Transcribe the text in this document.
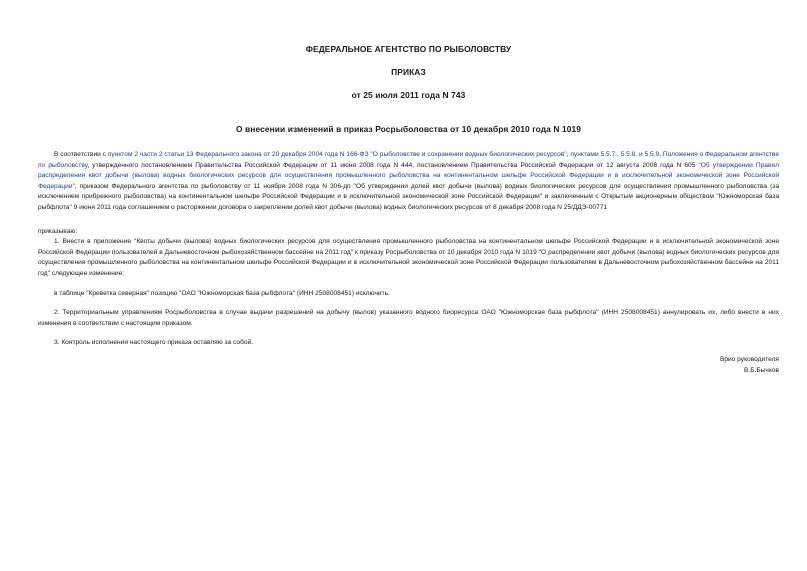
ФЕДЕРАЛЬНОЕ АГЕНТСТВО ПО РЫБОЛОВСТВУ
ПРИКАЗ
от 25 июля 2011 года N 743
О внесении изменений в приказ Росрыболовства от 10 декабря 2010 года N 1019
В соответствии с пунктом 2 части 2 статьи 13 Федерального закона от 20 декабря 2004 года N 166-ФЗ "О рыболовстве и сохранении водных биологических ресурсов", пунктами 5.5.7., 5.5.8. и 5.5.9. Положения о Федеральном агентстве по рыболовству, утвержденного постановлением Правительства Российской Федерации от 11 июня 2008 года N 444, постановлением Правительства Российской Федерации от 12 августа 2008 года N 605 "Об утверждении Правил распределения квот добычи (вылова) водных биологических ресурсов для осуществления промышленного рыболовства на континентальном шельфе Российской Федерации и в исключительной экономической зоне Российской Федерации", приказом Федерального агентства по рыболовству от 11 ноября 2008 года N 306-дп "Об утверждении долей квот добычи (вылова) водных биологических ресурсов для осуществления промышленного рыболовства (за исключением прибрежного рыболовства) на континентальном шельфе Российской Федерации и в исключительной экономической зоне Российской Федерации" и заключенным с Открытым акционерным обществом "Южноморская база рыбфлота" 9 июня 2011 года соглашением о расторжении договора о закреплении долей квот добычи (вылова) водных биологических ресурсов от 8 декабря 2008 года N 25/ДДЭ-00771
приказываю:
1. Внести в приложение "Квоты добычи (вылова) водных биологических ресурсов для осуществления промышленного рыболовства на континентальном шельфе Российской Федерации и в исключительной экономической зоне Российской Федерации пользователей в Дальневосточном рыбохозяйственном бассейне на 2011 год" к приказу Росрыболовства от 10 декабря 2010 года N 1019 "О распределении квот добычи (вылова) водных биологических ресурсов для осуществления промышленного рыболовства на континентальном шельфе Российской Федерации и в исключительной экономической зоне Российской Федерации пользователям в Дальневосточном рыбохозяйственном бассейне на 2011 год" следующее изменение:
в таблице "Креветка северная" позицию "ОАО "Южноморская база рыбфлота" (ИНН 2508008451) исключить.
2. Территориальным управлениям Росрыболовства в случае выдачи разрешений на добычу (вылов) указанного водного биоресурса ОАО "Южноморская база рыбфлота" (ИНН 2508008451) аннулировать их, либо внести в них изменения в соответствии с настоящим приказом.
3. Контроль исполнения настоящего приказа оставляю за собой.
Врио руководителя
В.Б.Бычков
